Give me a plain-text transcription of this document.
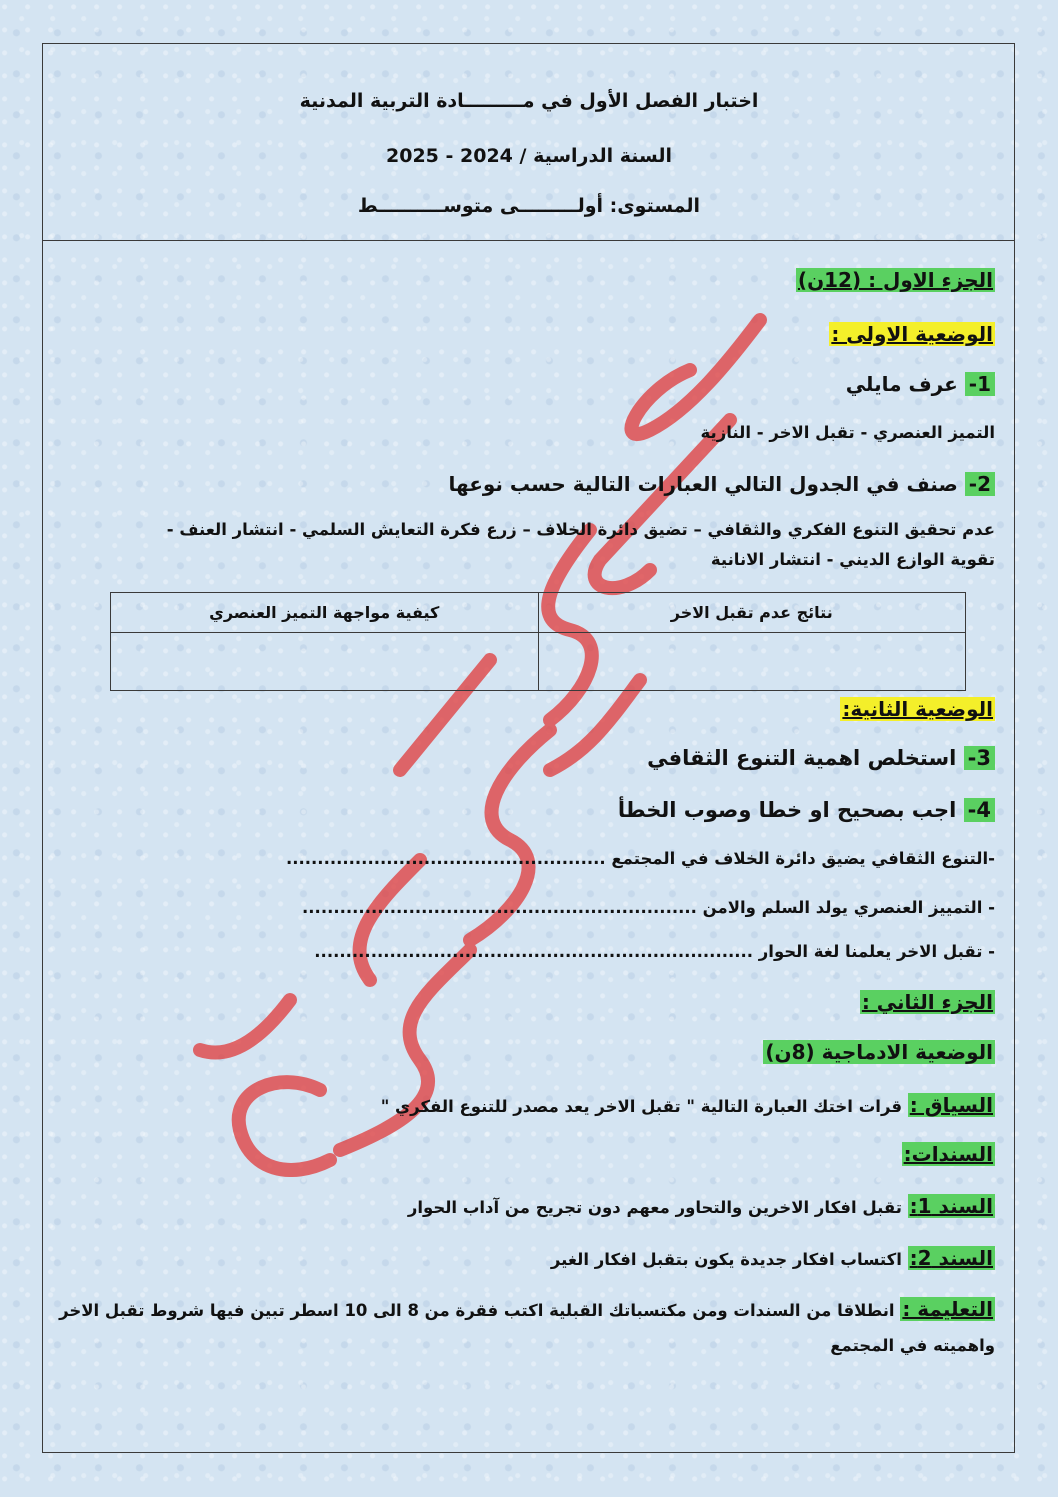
اختبار الفصل الأول في مـــــــــادة التربية المدنية
السنة الدراسية / 2024 - 2025
المستوى: أولـــــــــى متوســــــــــط
الجزء الاول : (12ن)
الوضعية الاولى :
1- عرف مايلي
التميز العنصري - تقبل الاخر - النازية
2- صنف في الجدول التالي العبارات التالية حسب نوعها
عدم تحقيق التنوع الفكري والثقافي – تضيق دائرة الخلاف – زرع فكرة التعايش السلمي - انتشار العنف -
تقوية الوازع الديني - انتشار الانانية
كيفية مواجهة التميز العنصري	نتائج عدم تقبل الاخر

الوضعية الثانية:
3- استخلص اهمية التنوع الثقافي
4- اجب بصحيح او خطا وصوب الخطأ
-التنوع الثقافي يضيق دائرة الخلاف في المجتمع ...................................................
- التمييز العنصري يولد السلم والامن ...............................................................
- تقبل الاخر يعلمنا لغة الحوار ......................................................................
الجزء الثاني :
الوضعية الادماجية (8ن)
السياق : قرات اختك العبارة التالية " تقبل الاخر يعد مصدر للتنوع الفكري "
السندات:
السند 1: تقبل افكار الاخرين والتحاور معهم دون تجريح من آداب الحوار
السند 2: اكتساب افكار جديدة يكون بتقبل افكار الغير
التعليمة : انطلاقا من السندات ومن مكتسباتك القبلية اكتب فقرة من 8 الى 10 اسطر تبين فيها شروط تقبل الاخر
واهميته في المجتمع
